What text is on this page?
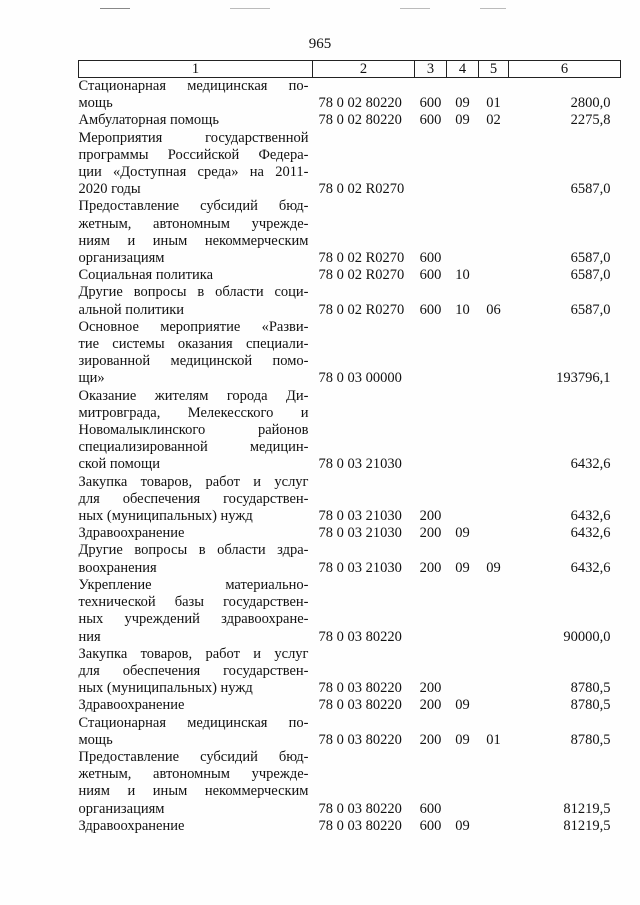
965
1	2	3	4	5	6

Стационарная медицинская по-
мощь	78 0 02 80220	600	09	01	2800,0

Амбулаторная помощь	78 0 02 80220	600	09	02	2275,8

Мероприятия государственной
программы Российской Федера-
ции «Доступная среда» на 2011-
2020 годы	78 0 02 R0270				6587,0

Предоставление субсидий бюд-
жетным, автономным учрежде-
ниям и иным некоммерческим
организациям	78 0 02 R0270	600			6587,0

Социальная политика	78 0 02 R0270	600	10		6587,0

Другие вопросы в области соци-
альной политики	78 0 02 R0270	600	10	06	6587,0

Основное мероприятие «Разви-
тие системы оказания специали-
зированной медицинской помо-
щи»	78 0 03 00000				193796,1

Оказание жителям города Ди-
митровграда, Мелекесского и
Новомалыклинского районов
специализированной медицин-
ской помощи	78 0 03 21030				6432,6

Закупка товаров, работ и услуг
для обеспечения государствен-
ных (муниципальных) нужд	78 0 03 21030	200			6432,6

Здравоохранение	78 0 03 21030	200	09		6432,6

Другие вопросы в области здра-
воохранения	78 0 03 21030	200	09	09	6432,6

Укрепление материально-
технической базы государствен-
ных учреждений здравоохране-
ния	78 0 03 80220				90000,0

Закупка товаров, работ и услуг
для обеспечения государствен-
ных (муниципальных) нужд	78 0 03 80220	200			8780,5

Здравоохранение	78 0 03 80220	200	09		8780,5

Стационарная медицинская по-
мощь	78 0 03 80220	200	09	01	8780,5

Предоставление субсидий бюд-
жетным, автономным учрежде-
ниям и иным некоммерческим
организациям	78 0 03 80220	600			81219,5

Здравоохранение	78 0 03 80220	600	09		81219,5
